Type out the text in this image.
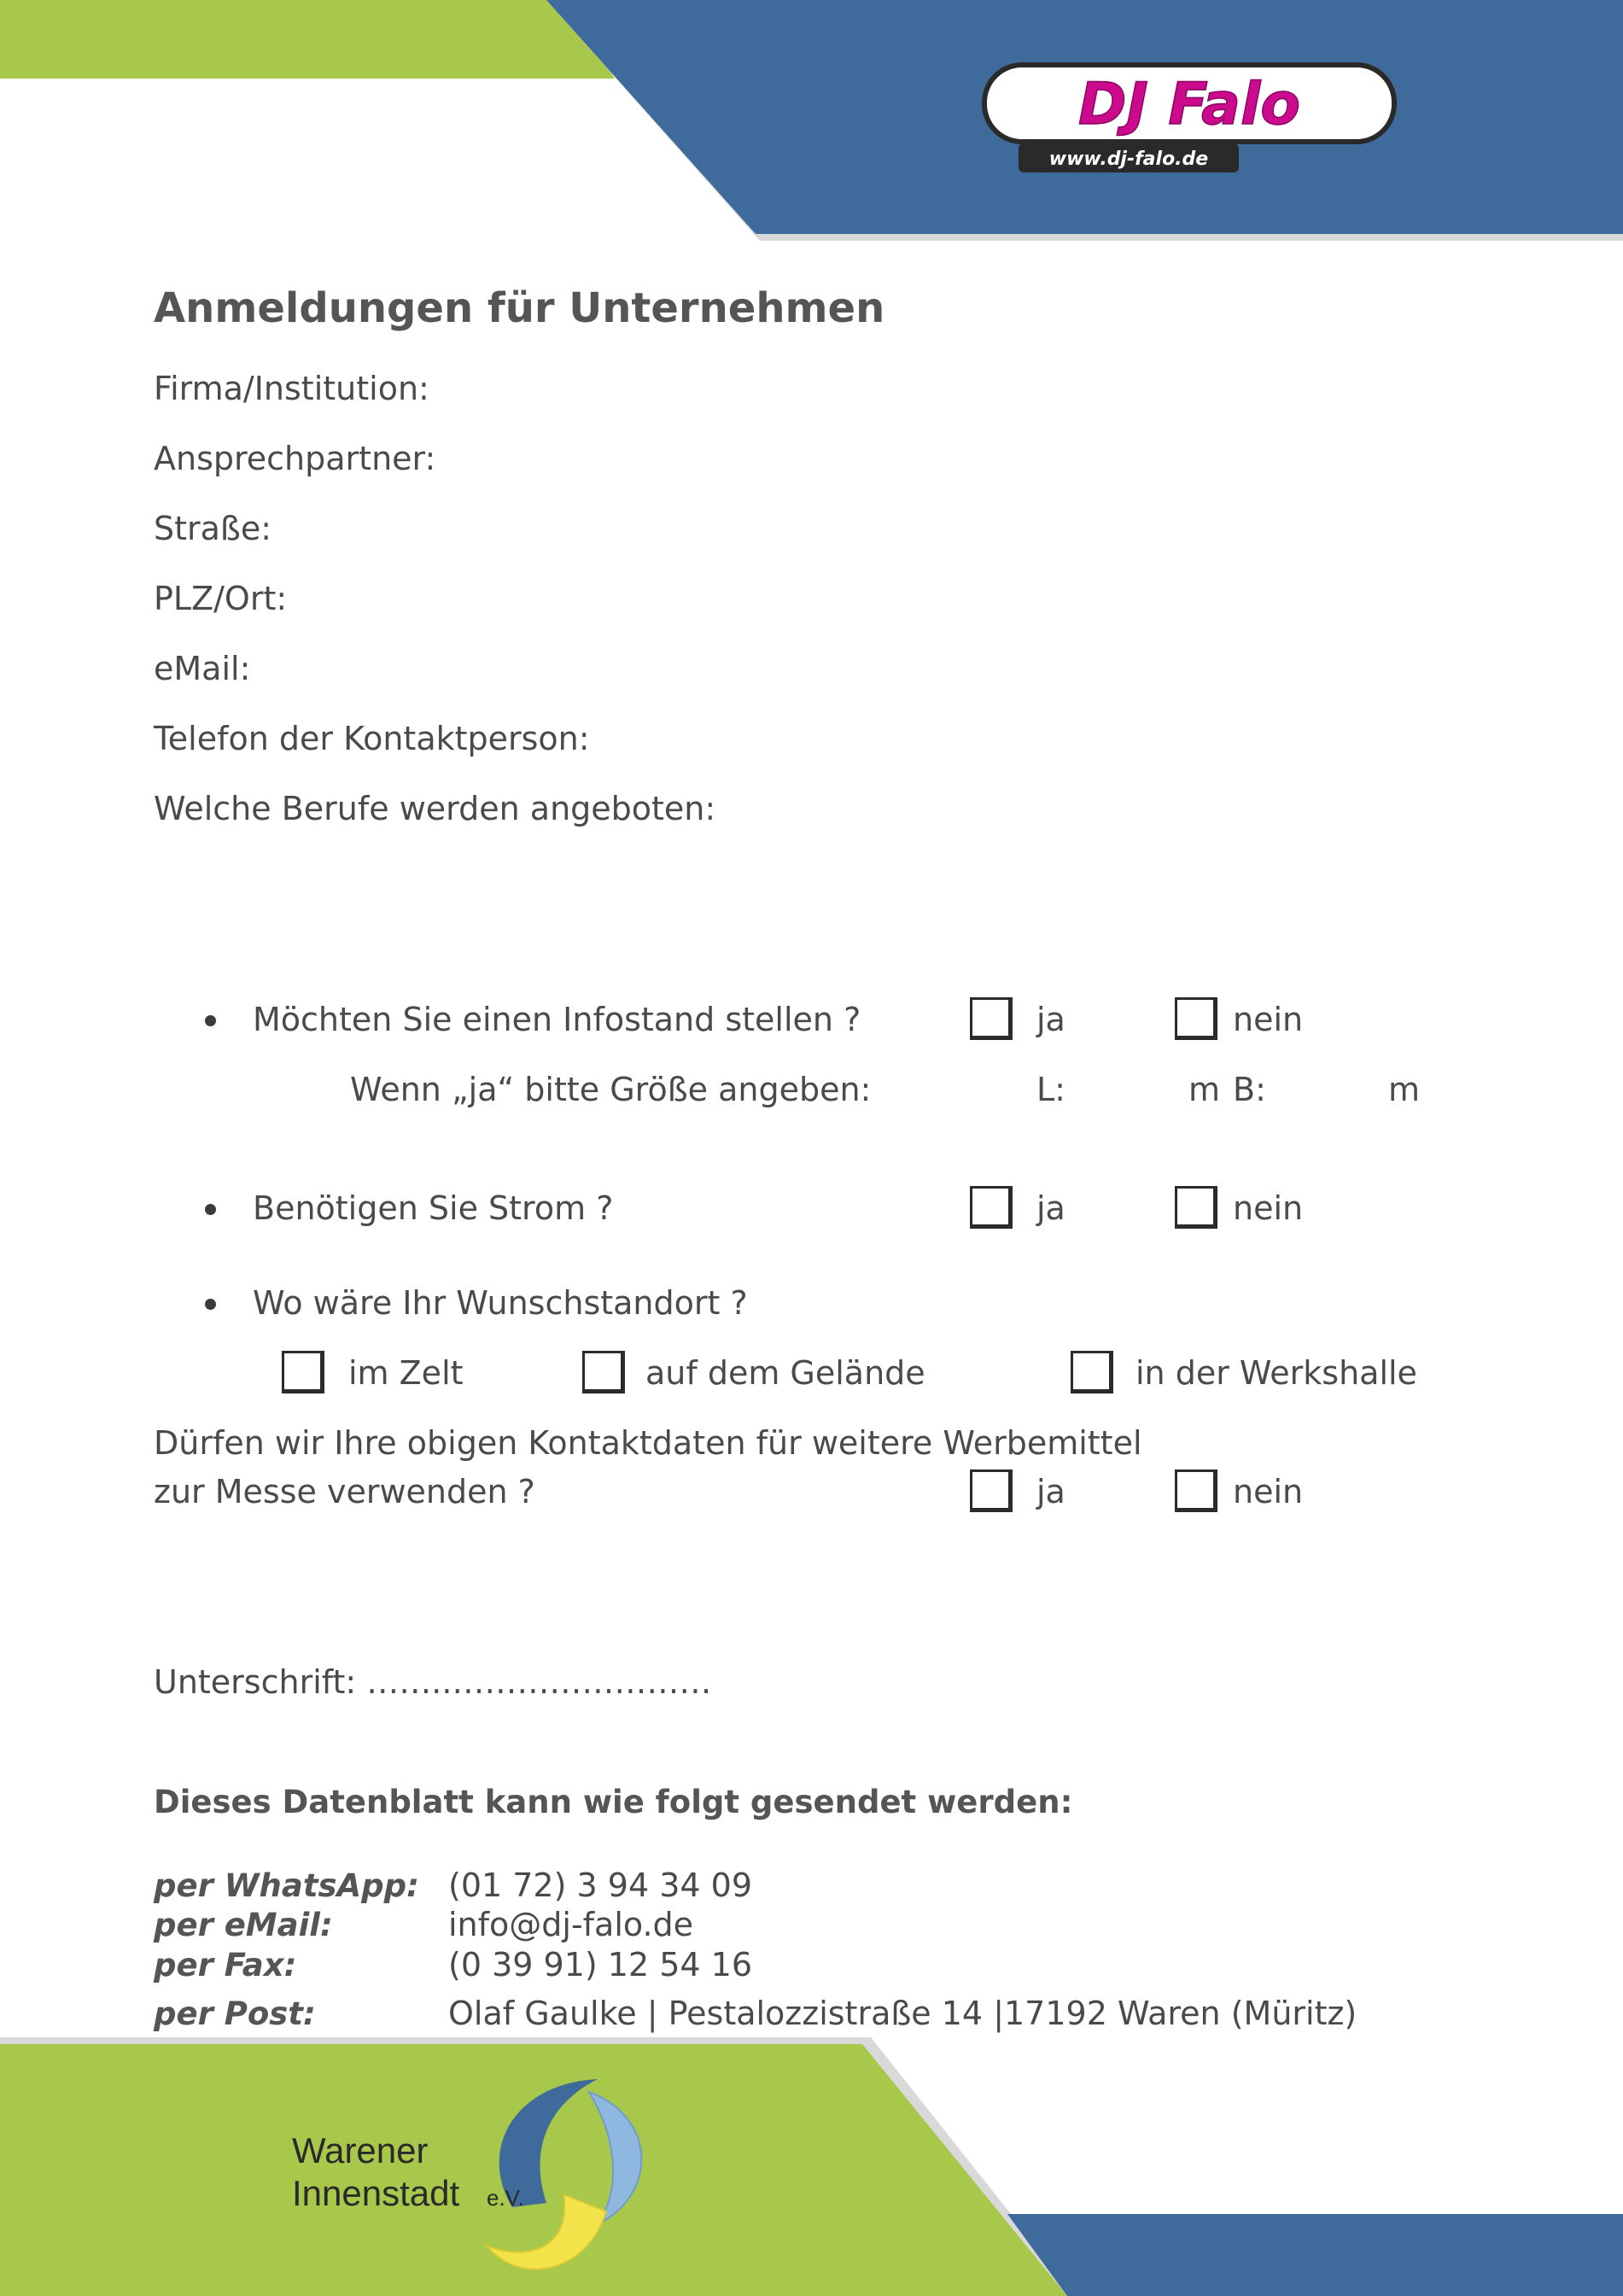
DJ Falo
www.dj-falo.de
Anmeldungen für Unternehmen
Firma/Institution:
Ansprechpartner:
Straße:
PLZ/Ort:
eMail:
Telefon der Kontaktperson:
Welche Berufe werden angeboten:
Möchten Sie einen Infostand stellen ?	ja	nein
Wenn „ja“ bitte Größe angeben:	L:	m B:	m
Benötigen Sie Strom ?	ja	nein
Wo wäre Ihr Wunschstandort ?
im Zelt	auf dem Gelände	in der Werkshalle
Dürfen wir Ihre obigen Kontaktdaten für weitere Werbemittel
zur Messe verwenden ?	ja	nein
Unterschrift: ……..……………………
Dieses Datenblatt kann wie folgt gesendet werden:
per WhatsApp: (01 72) 3 94 34 09
per eMail:	info@dj-falo.de
per Fax:	(0 39 91) 12 54 16
per Post:	Olaf Gaulke | Pestalozzistraße 14 |17192 Waren (Müritz)
Warener
Innenstadt e.V.
